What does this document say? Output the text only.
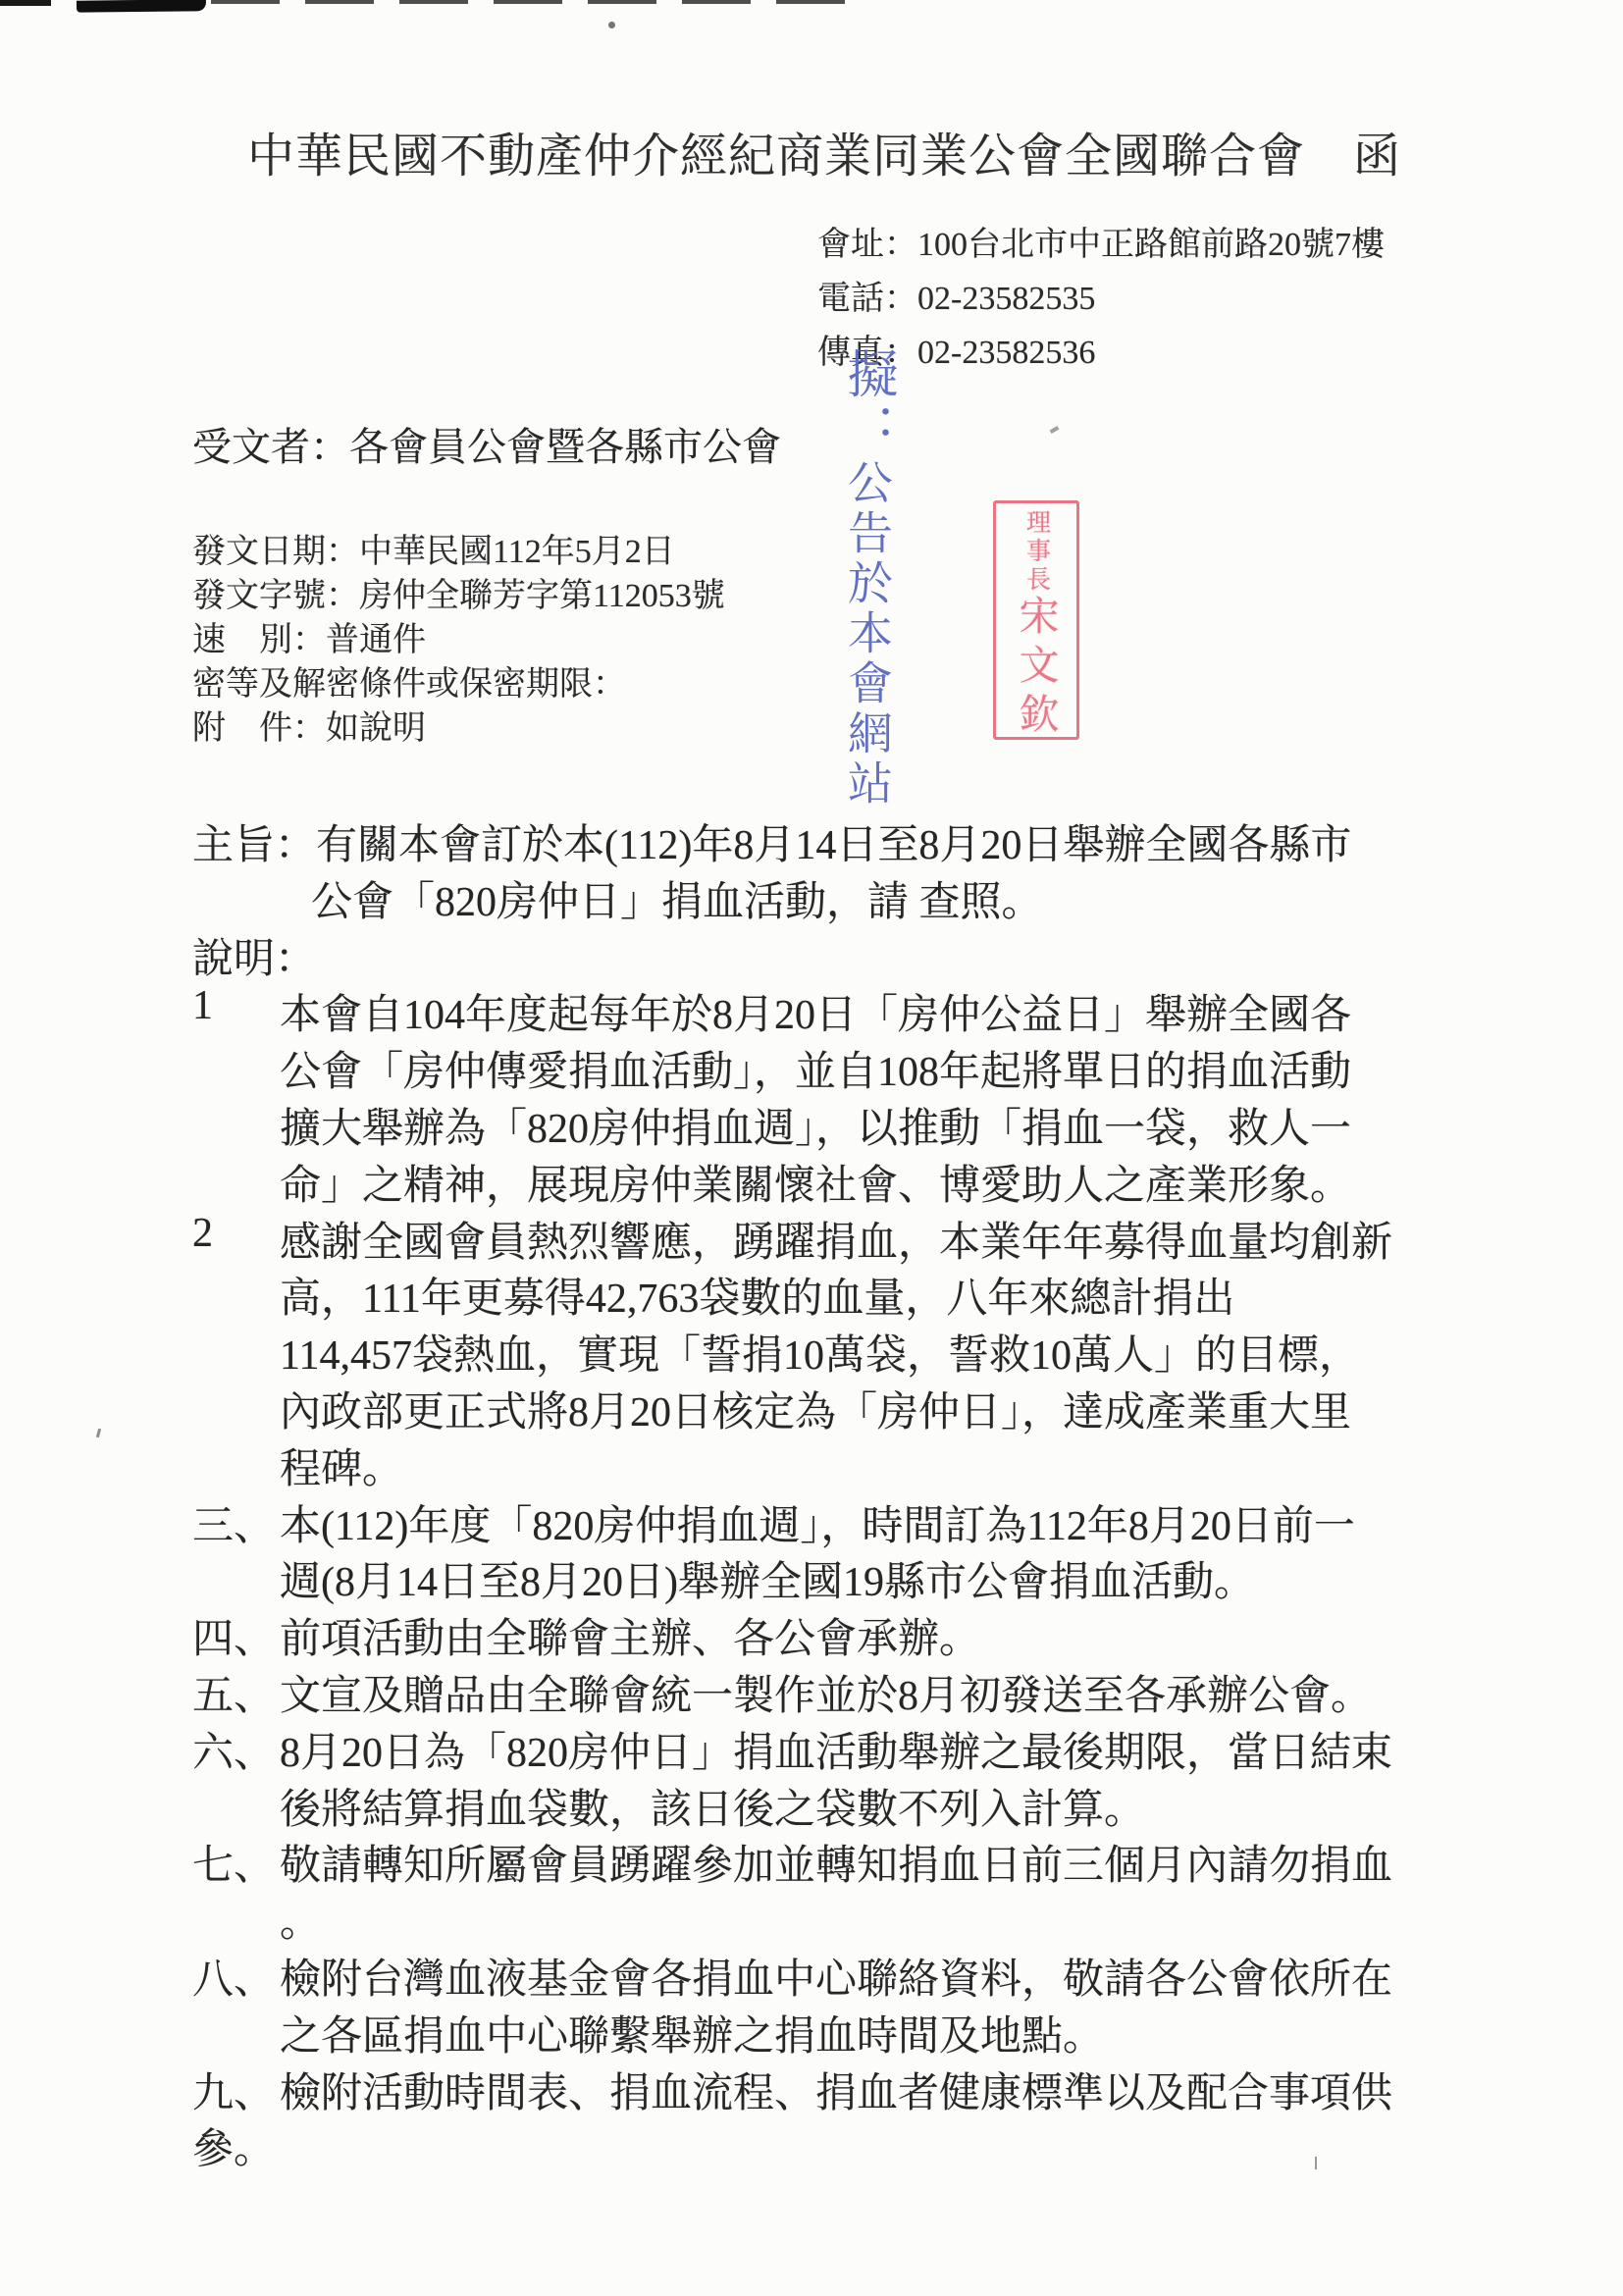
中華民國不動產仲介經紀商業同業公會全國聯合會　函
會址：100台北市中正路館前路20號7樓
電話：02-23582535
傳真：02-23582536
擬：公告於本會網站	理事長宋文欽
受文者：各會員公會暨各縣市公會
發文日期：中華民國112年5月2日
發文字號：房仲全聯芳字第112053號
速　別：普通件
密等及解密條件或保密期限：
附　件：如說明
主旨：有關本會訂於本(112)年8月14日至8月20日舉辦全國各縣市
公會「820房仲日」捐血活動，請 查照。
說明：
1 本會自104年度起每年於8月20日「房仲公益日」舉辦全國各
公會「房仲傳愛捐血活動」，並自108年起將單日的捐血活動
擴大舉辦為「820房仲捐血週」，以推動「捐血一袋，救人一
命」之精神，展現房仲業關懷社會、博愛助人之產業形象。
2 感謝全國會員熱烈響應，踴躍捐血，本業年年募得血量均創新
高，111年更募得42,763袋數的血量，八年來總計捐出
114,457袋熱血，實現「誓捐10萬袋，誓救10萬人」的目標，
內政部更正式將8月20日核定為「房仲日」，達成產業重大里
程碑。
三、 本(112)年度「820房仲捐血週」，時間訂為112年8月20日前一
週(8月14日至8月20日)舉辦全國19縣市公會捐血活動。
四、 前項活動由全聯會主辦、各公會承辦。
五、 文宣及贈品由全聯會統一製作並於8月初發送至各承辦公會。
六、 8月20日為「820房仲日」捐血活動舉辦之最後期限，當日結束
後將結算捐血袋數，該日後之袋數不列入計算。
七、 敬請轉知所屬會員踴躍參加並轉知捐血日前三個月內請勿捐血
。
八、 檢附台灣血液基金會各捐血中心聯絡資料，敬請各公會依所在
之各區捐血中心聯繫舉辦之捐血時間及地點。
九、 檢附活動時間表、捐血流程、捐血者健康標準以及配合事項供
參。
